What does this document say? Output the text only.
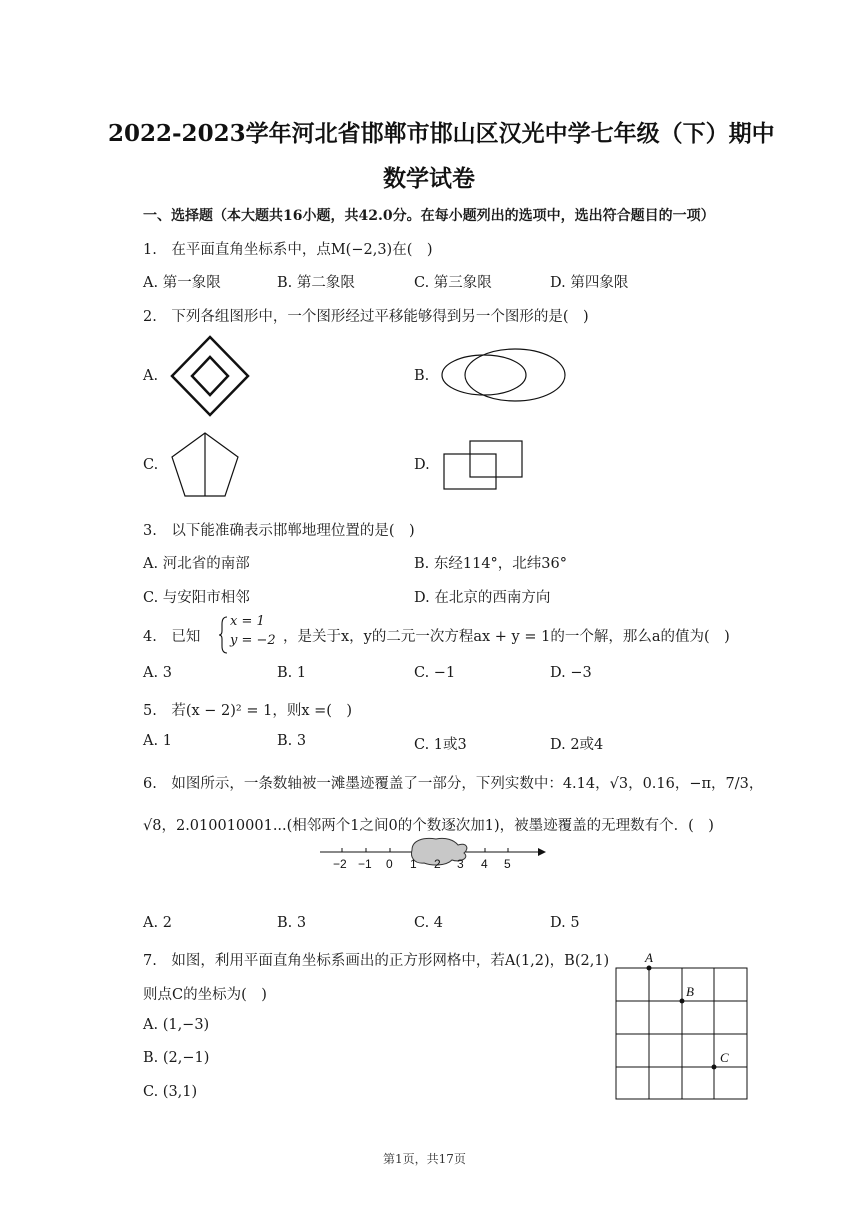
2022-2023学年河北省邯郸市邯山区汉光中学七年级（下）期中
数学试卷
一、选择题（本大题共16小题，共42.0分。在每小题列出的选项中，选出符合题目的一项）
1.　在平面直角坐标系中，点M(−2,3)在(　)
A. 第一象限	B. 第二象限	C. 第三象限	D. 第四象限
2.　下列各组图形中，一个图形经过平移能够得到另一个图形的是(　)
A.	B.
C.	D.
3.　以下能准确表示邯郸地理位置的是(　)
A. 河北省的南部	B. 东经114°，北纬36°
C. 与安阳市相邻	D. 在北京的西南方向
4.　已知
x = 1
y = −2 ，是关于x，y的二元一次方程ax + y = 1的一个解，那么a的值为(　)
A. 3	B. 1	C. −1	D. −3
5.　若(x − 2)² = 1，则x =(　)
A. 1	B. 3	C. 1或3	D. 2或4
6.　如图所示，一条数轴被一滩墨迹覆盖了一部分，下列实数中：4.14，√3，0.16，−π，7/3，
√8，2.010010001...(相邻两个1之间0的个数逐次加1)，被墨迹覆盖的无理数有个．(　)
−2 −1 0 1 2 3 4 5
A. 2	B. 3	C. 4	D. 5
7.　如图，利用平面直角坐标系画出的正方形网格中，若A(1,2)，B(2,1)
则点C的坐标为(　)
A. (1,−3)
B. (2,−1)
C. (3,1)
A
B
C
第1页，共17页
